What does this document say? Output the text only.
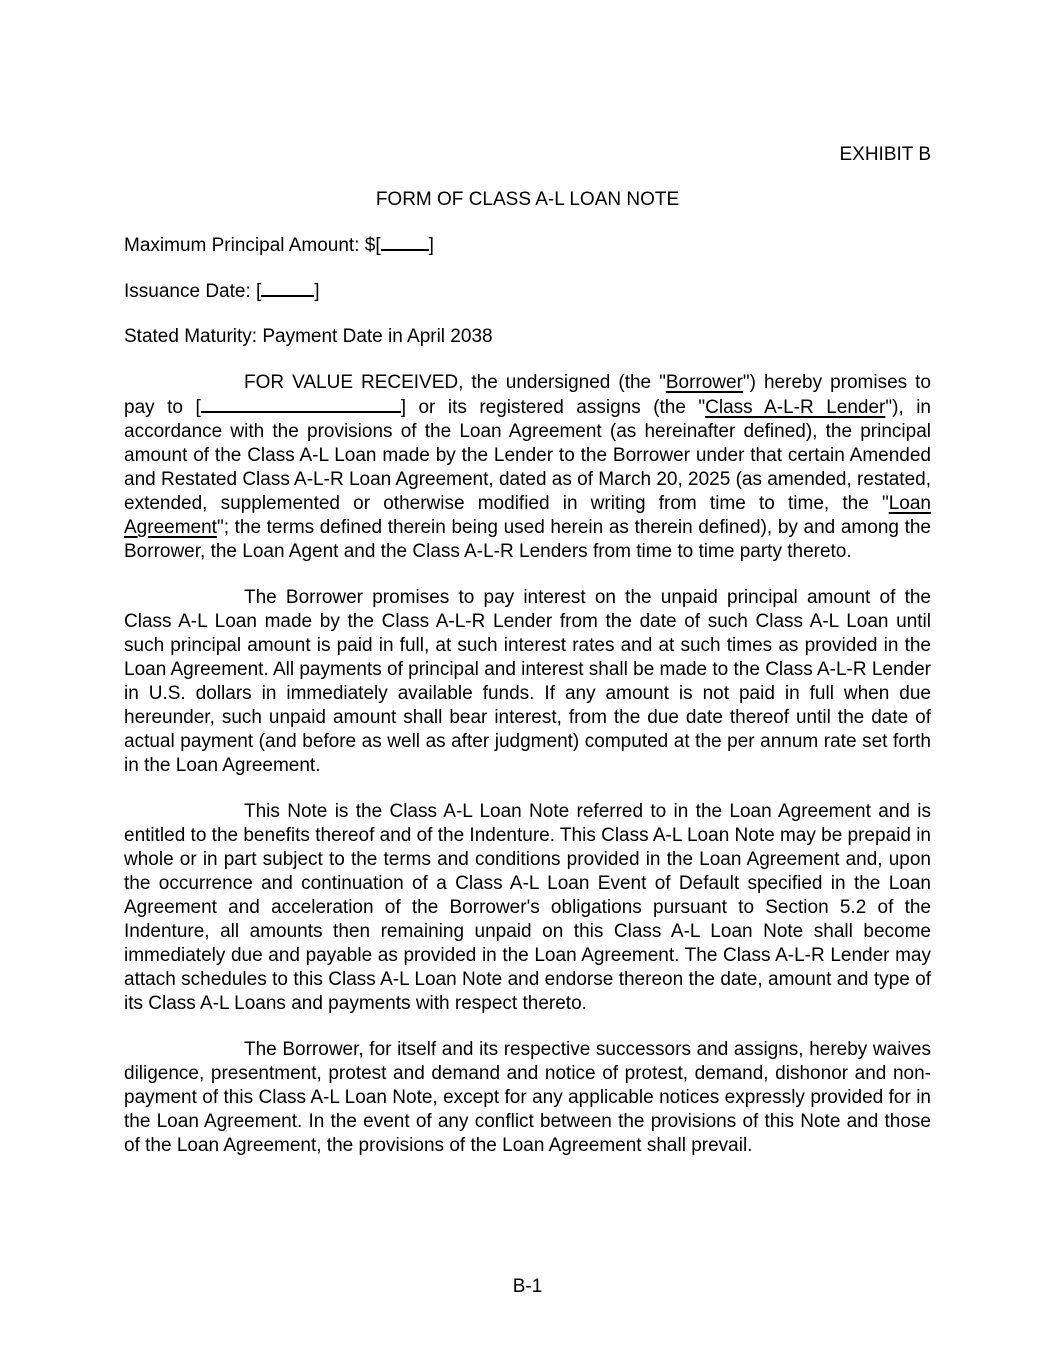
EXHIBIT B
FORM OF CLASS A-L LOAN NOTE
Maximum Principal Amount: $[	]
Issuance Date: [	]
Stated Maturity: Payment Date in April 2038

FOR VALUE RECEIVED, the undersigned (the "Borrower") hereby promises to pay to [	] or its registered assigns (the "Class A-L-R Lender"), in accordance with the provisions of the Loan Agreement (as hereinafter defined), the principal amount of the Class A-L Loan made by the Lender to the Borrower under that certain Amended and Restated Class A-L-R Loan Agreement, dated as of March 20, 2025 (as amended, restated, extended, supplemented or otherwise modified in writing from time to time, the "Loan Agreement"; the terms defined therein being used herein as therein defined), by and among the Borrower, the Loan Agent and the Class A-L-R Lenders from time to time party thereto.

The Borrower promises to pay interest on the unpaid principal amount of the Class A-L Loan made by the Class A-L-R Lender from the date of such Class A-L Loan until such principal amount is paid in full, at such interest rates and at such times as provided in the Loan Agreement. All payments of principal and interest shall be made to the Class A-L-R Lender in U.S. dollars in immediately available funds. If any amount is not paid in full when due hereunder, such unpaid amount shall bear interest, from the due date thereof until the date of actual payment (and before as well as after judgment) computed at the per annum rate set forth in the Loan Agreement.

This Note is the Class A-L Loan Note referred to in the Loan Agreement and is entitled to the benefits thereof and of the Indenture. This Class A-L Loan Note may be prepaid in whole or in part subject to the terms and conditions provided in the Loan Agreement and, upon the occurrence and continuation of a Class A-L Loan Event of Default specified in the Loan Agreement and acceleration of the Borrower's obligations pursuant to Section 5.2 of the Indenture, all amounts then remaining unpaid on this Class A-L Loan Note shall become immediately due and payable as provided in the Loan Agreement. The Class A-L-R Lender may attach schedules to this Class A-L Loan Note and endorse thereon the date, amount and type of its Class A-L Loans and payments with respect thereto.

The Borrower, for itself and its respective successors and assigns, hereby waives diligence, presentment, protest and demand and notice of protest, demand, dishonor and non-payment of this Class A-L Loan Note, except for any applicable notices expressly provided for in the Loan Agreement. In the event of any conflict between the provisions of this Note and those of the Loan Agreement, the provisions of the Loan Agreement shall prevail.

B-1
